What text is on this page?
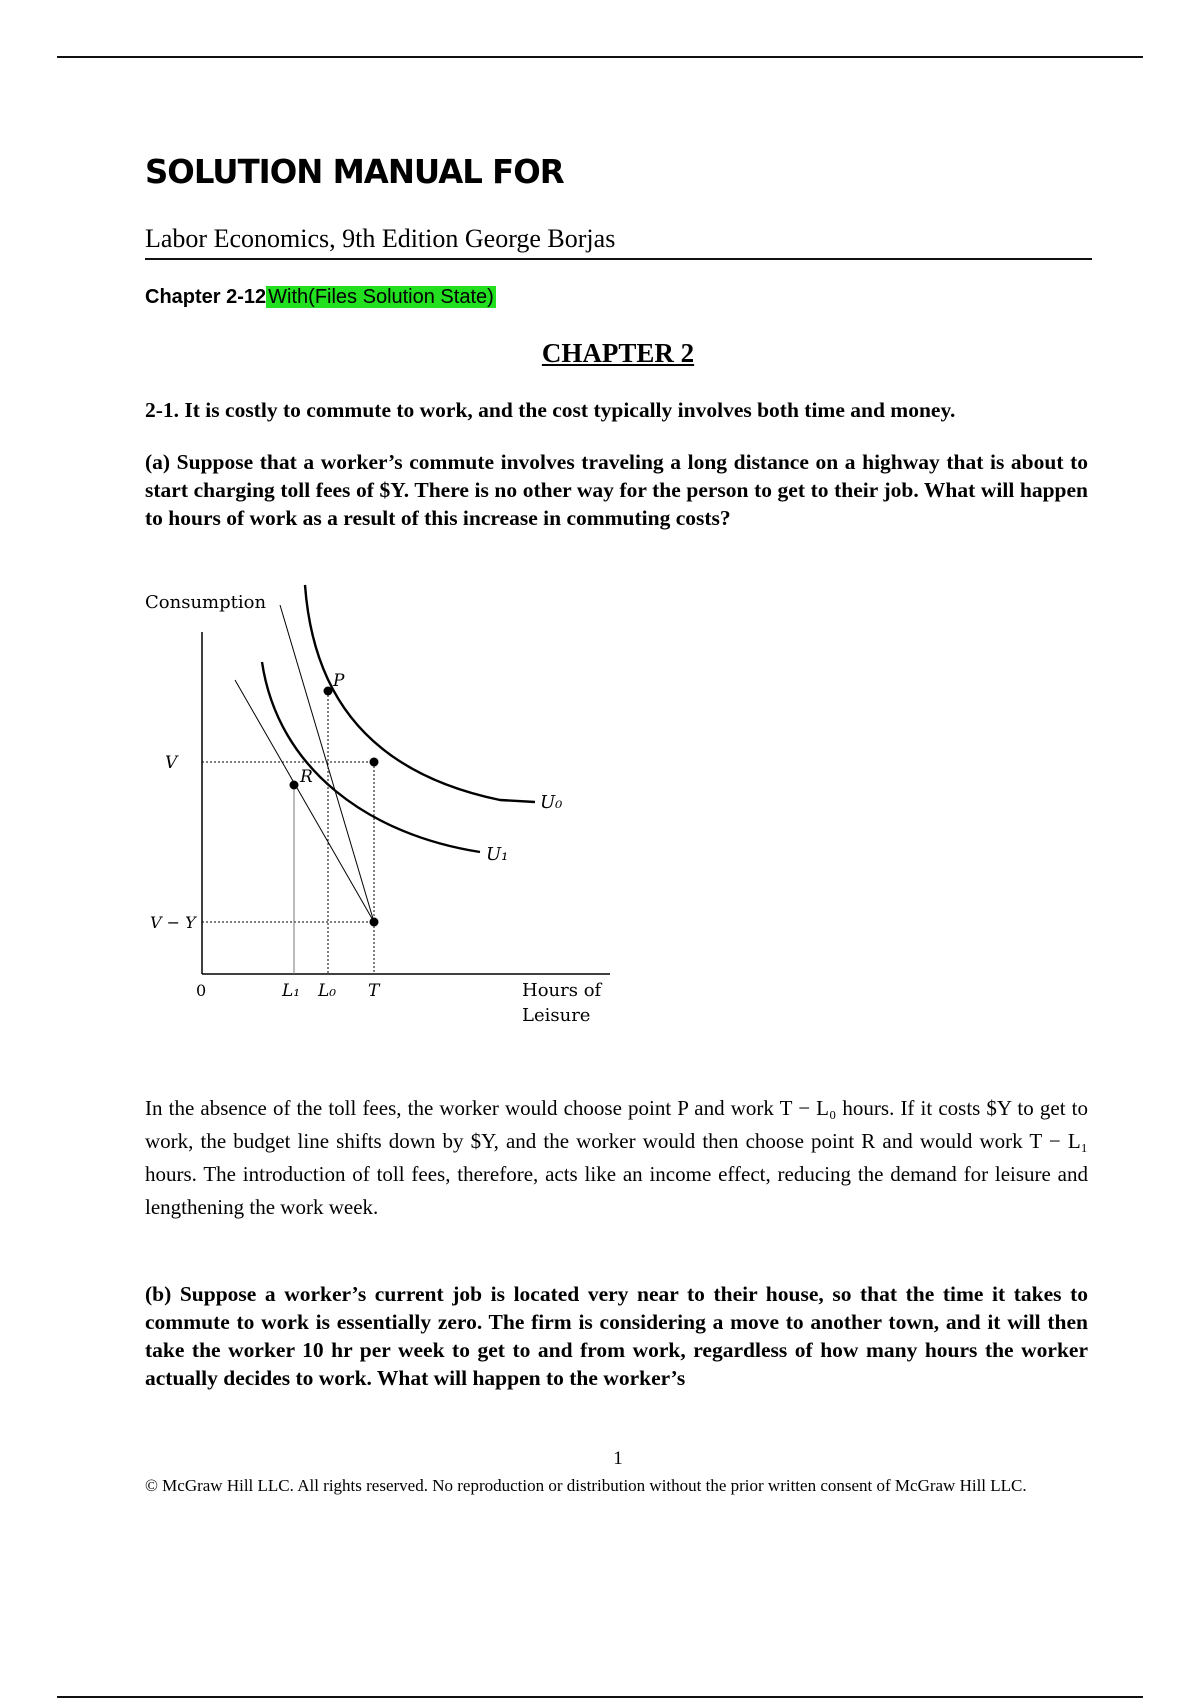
SOLUTION MANUAL FOR
Labor Economics, 9th Edition George Borjas
Chapter 2-12 With(Files Solution State)
CHAPTER 2
2-1. It is costly to commute to work, and the cost typically involves both time and money.
(a) Suppose that a worker’s commute involves traveling a long distance on a highway that is about to start charging toll fees of $Y. There is no other way for the person to get to their job. What will happen to hours of work as a result of this increase in commuting costs?
Consumption
P
R
V
V − Y
U₀
U₁
0	L₁ L₀ T	Hours of
Leisure
In the absence of the toll fees, the worker would choose point P and work T − L₀ hours. If it costs $Y to get to work, the budget line shifts down by $Y, and the worker would then choose point R and would work T − L₁ hours. The introduction of toll fees, therefore, acts like an income effect, reducing the demand for leisure and lengthening the work week.
(b) Suppose a worker’s current job is located very near to their house, so that the time it takes to commute to work is essentially zero. The firm is considering a move to another town, and it will then take the worker 10 hr per week to get to and from work, regardless of how many hours the worker actually decides to work. What will happen to the worker’s
1
© McGraw Hill LLC. All rights reserved. No reproduction or distribution without the prior written consent of McGraw Hill LLC.
